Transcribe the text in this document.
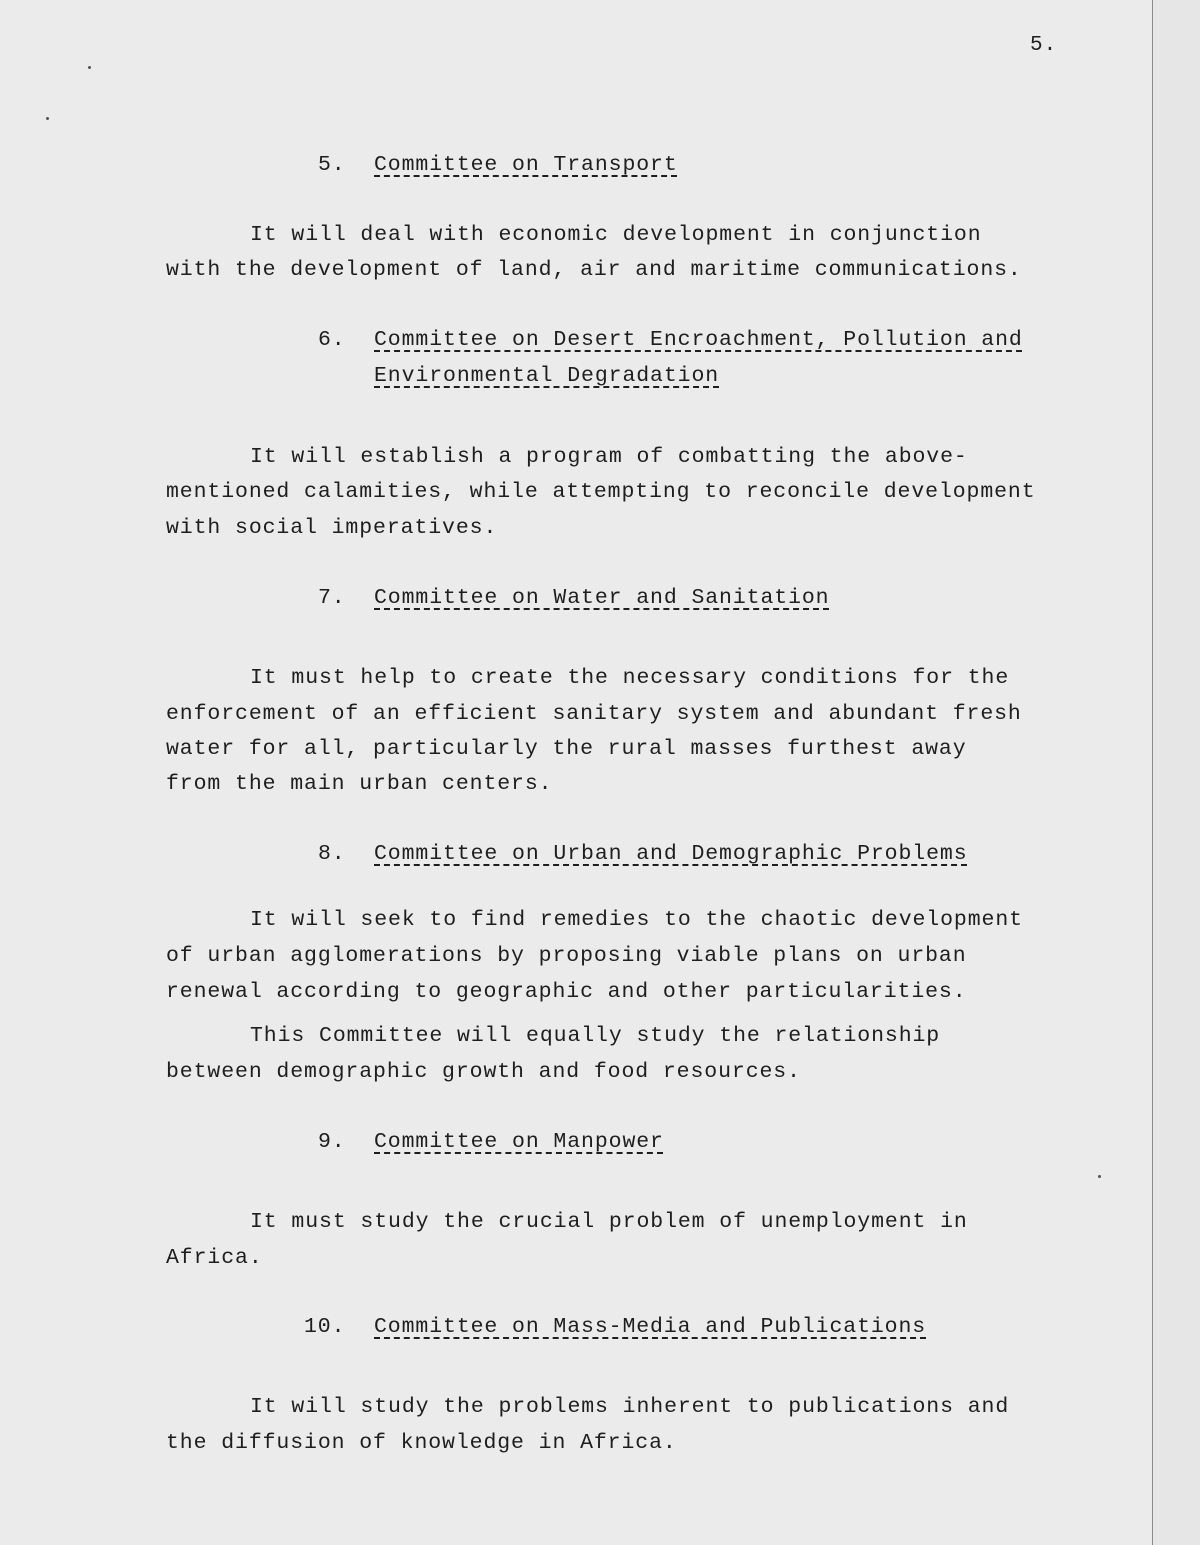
5.
5. Committee on Transport
It will deal with economic development in conjunction
with the development of land, air and maritime communications.
6. Committee on Desert Encroachment, Pollution and
Environmental Degradation
It will establish a program of combatting the above-
mentioned calamities, while attempting to reconcile development
with social imperatives.
7. Committee on Water and Sanitation
It must help to create the necessary conditions for the
enforcement of an efficient sanitary system and abundant fresh
water for all, particularly the rural masses furthest away
from the main urban centers.
8. Committee on Urban and Demographic Problems
It will seek to find remedies to the chaotic development
of urban agglomerations by proposing viable plans on urban
renewal according to geographic and other particularities.
This Committee will equally study the relationship
between demographic growth and food resources.
9. Committee on Manpower
It must study the crucial problem of unemployment in
Africa.
10. Committee on Mass-Media and Publications
It will study the problems inherent to publications and
the diffusion of knowledge in Africa.
